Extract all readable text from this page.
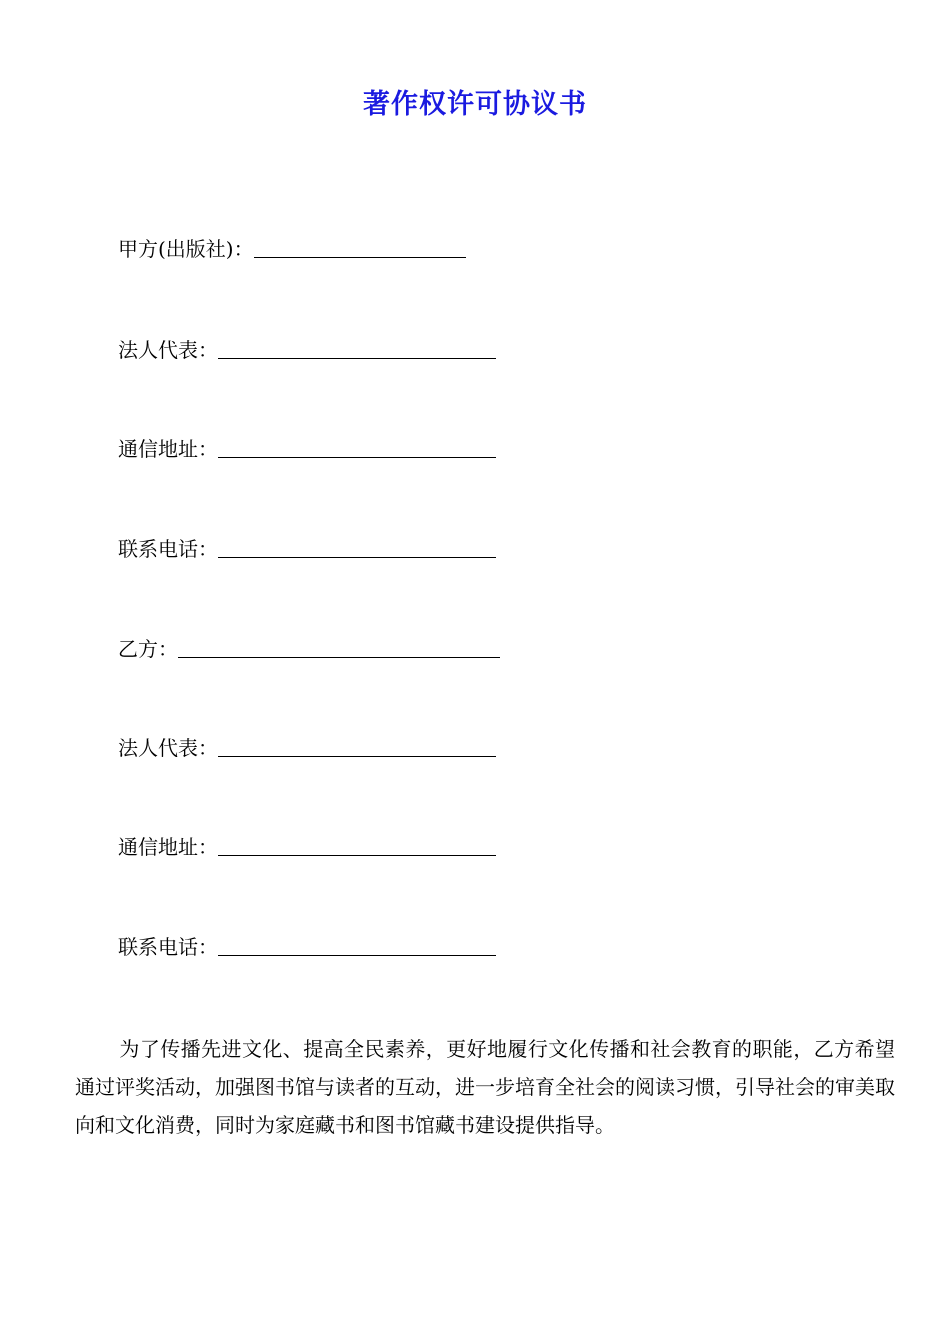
著作权许可协议书
甲方(出版社)：
法人代表：
通信地址：
联系电话：
乙方：
法人代表：
通信地址：
联系电话：

为了传播先进文化、提高全民素养，更好地履行文化传播和社会教育的职能，乙方希望通过评奖活动，加强图书馆与读者的互动，进一步培育全社会的阅读习惯，引导社会的审美取向和文化消费，同时为家庭藏书和图书馆藏书建设提供指导。
